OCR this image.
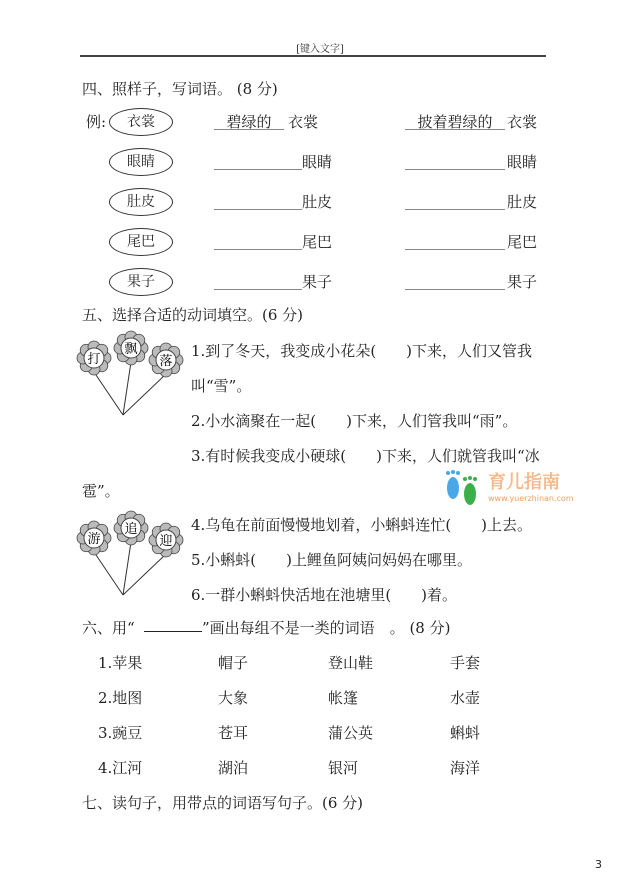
[键入文字]
四、照样子，写词语。 (8 分)
例:	衣裳	碧绿的	衣裳	披着碧绿的 衣裳
眼睛	眼睛	眼睛
肚皮	肚皮	肚皮
尾巴	尾巴	尾巴
果子	果子	果子
五、选择合适的动词填空。(6 分)
打
飘
落
游
追
迎
1.到了冬天，我变成小花朵(　　)下来，人们又管我
叫“雪”。
2.小水滴聚在一起(　　)下来，人们管我叫“雨”。
3.有时候我变成小硬球(　　)下来，人们就管我叫“冰
雹”。
4.乌龟在前面慢慢地划着，小蝌蚪连忙(　　)上去。
5.小蝌蚪(　　)上鲤鱼阿姨问妈妈在哪里。
6.一群小蝌蚪快活地在池塘里(　　)着。
育儿指南
www.yuerzhinan.com
六、用“	”画出每组不是一类的词语　。 (8 分)
1.苹果	帽子	登山鞋	手套
2.地图	大象	帐篷	水壶
3.豌豆	苍耳	蒲公英	蝌蚪
4.江河	湖泊	银河	海洋
七、读句子，用带点的词语写句子。(6 分)
3
